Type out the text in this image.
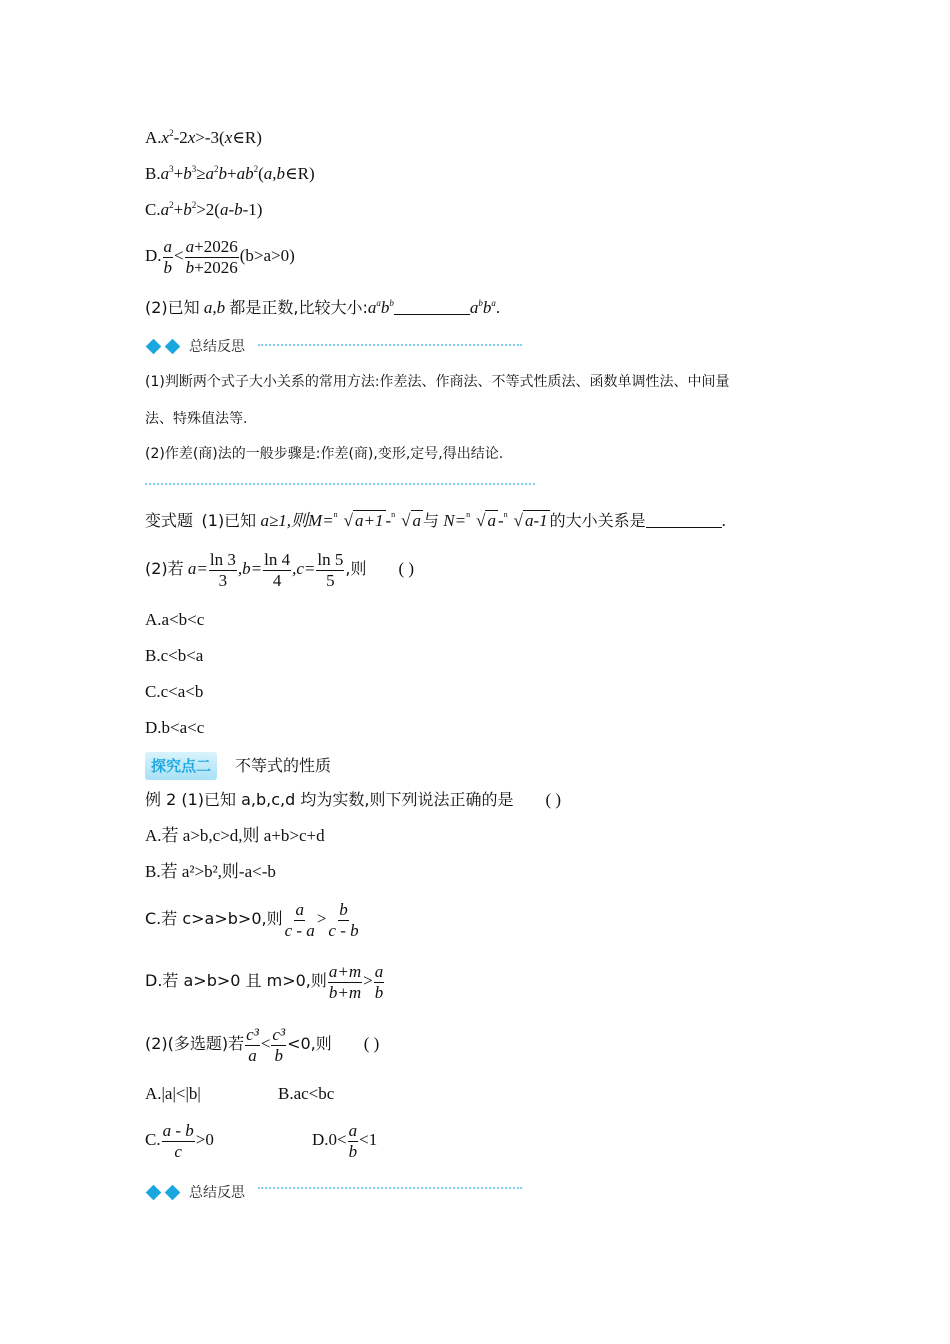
$A.x^2-2x>-3(x\in R)$
$B.a^3+b^3\ge a^2b+ab^2(a,b\in R)$
$C.a^2+b^2>2(a-b-1)$
D. $\frac{a}{b} < \frac{a+2026}{b+2026} (b>a>0)$
(2)已知 a,b 都是正数,比较大小$:a^ab^b$	$a^bb^a$.
总结反思
(1)判断两个式子大小关系的常用方法:作差法、作商法、不等式性质法、函数单调性法、中间量
法、特殊值法等.
(2)作差(商)法的一般步骤是:作差(商),变形,定号,得出结论.
变式题 (1)已知 a≥1,则M= n √ a+1 - n √ a 与 N= n √ a - n √ a-1 的大小关系是	.
(2)若 $a= \frac{\ln 3}{3} ,b= \frac{\ln 4}{4} ,c= \frac{\ln 5}{5}$ ,则 ( )
A.a<b<c
B.c<b<a
C.c<a<b
D.b<a<c
探究点二 不等式的性质
例 2 (1)已知 a,b,c,d 均为实数,则下列说法正确的是 ( )
A.若 a>b,c>d,则 a+b>c+d
B.若 a²>b²,则-a<-b
C.若 c>a>b>0,则 $\frac{a}{c - a} > \frac{b}{c - b}$
D.若 a>b>0 且 m>0,则 $\frac{a+m}{b+m} > \frac{a}{b}$
(2)(多选题)若 $\frac{\text{c³}}{a} < \frac{\text{c³}}{b} <0$,则 ( )
A.|a|<|b|	B.ac<bc
C. $\frac{a - b}{c} >0$	$D.0< \frac{a}{b} <1$
总结反思
